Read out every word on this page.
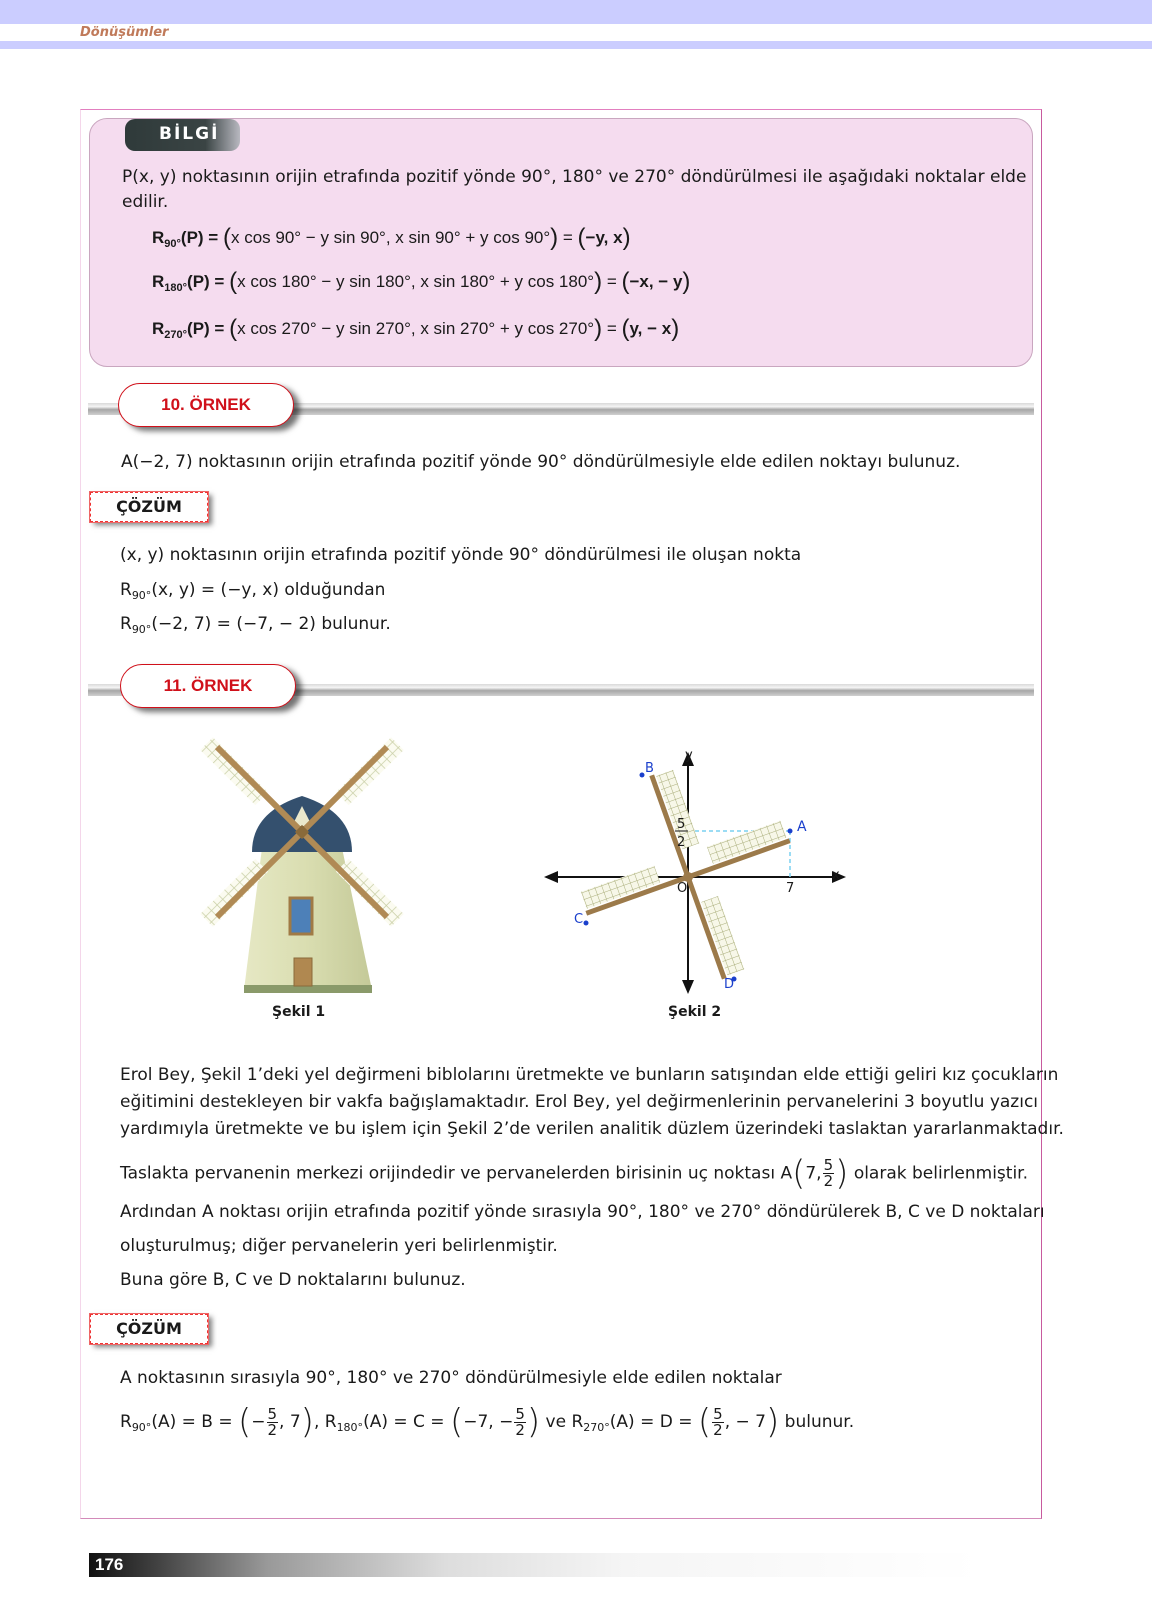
Dönüşümler
BİLGİ
P(x, y) noktasının orijin etrafında pozitif yönde 90°, 180° ve 270° döndürülmesi ile aşağıdaki noktalar elde
edilir.
$R_{90^\circ}(P) = (x$ cos 90° − y sin 90°, x sin 90° + y cos 90°) = (−y, x)
$R_{180^\circ}(P) = (x$ cos 180° − y sin 180°, x sin 180° + y cos 180°) = (−x, − y)
$R_{270^\circ}(P) = (x$ cos 270° − y sin 270°, x sin 270° + y cos 270°) = (y, − x)
10. ÖRNEK
A(−2, 7) noktasının orijin etrafında pozitif yönde 90° döndürülmesiyle elde edilen noktayı bulunuz.
ÇÖZÜM
(x, y) noktasının orijin etrafında pozitif yönde 90° döndürülmesi ile oluşan nokta
$R_{90^\circ}(x$, y) = (−y, x) olduğundan
$R_{90^\circ}(-2$, 7) = (−7, − 2) bulunur.
11. ÖRNEK
Şekil 1
y
x
O	7
5
2
A
B
C
D
Şekil 2
Erol Bey, Şekil 1’deki yel değirmeni biblolarını üretmekte ve bunların satışından elde ettiği geliri kız çocukların
eğitimini destekleyen bir vakfa bağışlamaktadır. Erol Bey, yel değirmenlerinin pervanelerini 3 boyutlu yazıcı
yardımıyla üretmekte ve bu işlem için Şekil 2’de verilen analitik düzlem üzerindeki taslaktan yararlanmaktadır.
Taslakta pervanenin merkezi orijindedir ve pervanelerden birisinin uç noktası A(7, $\frac{5}{2}$ ) olarak belirlenmiştir.
Ardından A noktası orijin etrafında pozitif yönde sırasıyla 90°, 180° ve 270° döndürülerek B, C ve D noktaları
oluşturulmuş; diğer pervanelerin yeri belirlenmiştir.
Buna göre B, C ve D noktalarını bulunuz.
ÇÖZÜM
A noktasının sırasıyla 90°, 180° ve 270° döndürülmesiyle elde edilen noktalar
$R_{90^\circ}(A) = B$ = (− $\frac{5}{2}$ , 7), $R_{180^\circ}(A) = C = (-7$, − $\frac{5}{2}$ ) ve $R_{270^\circ}(A) = D$ = ( $\frac{5}{2}$ , − 7) bulunur.
176
